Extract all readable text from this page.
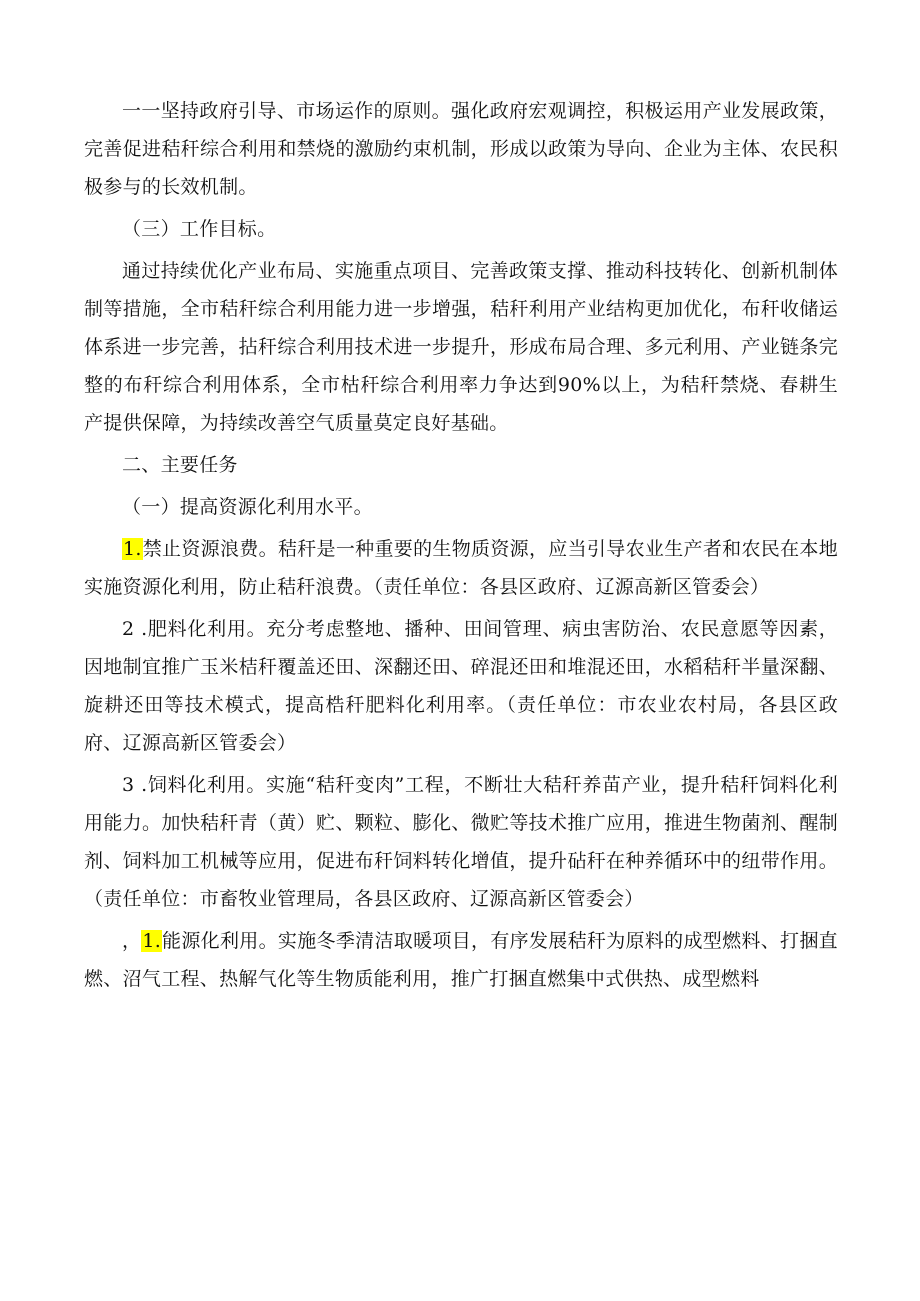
一一坚持政府引导、市场运作的原则。强化政府宏观调控，积极运用产业发展政策，完善促进秸秆综合利用和禁烧的激励约束机制，形成以政策为导向、企业为主体、农民积极参与的长效机制。

（三）工作目标。

通过持续优化产业布局、实施重点项目、完善政策支撑、推动科技转化、创新机制体制等措施，全市秸秆综合利用能力进一步增强，秸秆利用产业结构更加优化，布秆收储运体系进一步完善，拈秆综合利用技术进一步提升，形成布局合理、多元利用、产业链条完整的布秆综合利用体系，全市枯秆综合利用率力争达到90%以上，为秸秆禁烧、春耕生产提供保障，为持续改善空气质量莫定良好基础。

二、主要任务

（一）提高资源化利用水平。

1.禁止资源浪费。秸秆是一种重要的生物质资源，应当引导农业生产者和农民在本地实施资源化利用，防止秸秆浪费。（责任单位：各县区政府、辽源高新区管委会）

2 .肥料化利用。充分考虑整地、播种、田间管理、病虫害防治、农民意愿等因素，因地制宜推广玉米桔秆覆盖还田、深翻还田、碎混还田和堆混还田，水稻秸秆半量深翻、旋耕还田等技术模式，提高梏秆肥料化利用率。（责任单位：市农业农村局，各县区政府、辽源高新区管委会）

3 .饲料化利用。实施“秸秆变肉”工程，不断壮大秸秆养苗产业，提升秸秆饲料化利用能力。加快秸秆青（黄）贮、颗粒、膨化、微贮等技术推广应用，推进生物菌剂、醒制剂、饲料加工机械等应用，促进布秆饲料转化增值，提升砧秆在种养循环中的纽带作用。（责任单位：市畜牧业管理局，各县区政府、辽源高新区管委会）

，1.能源化利用。实施冬季清洁取暖项目，有序发展秸秆为原料的成型燃料、打捆直燃、沼气工程、热解气化等生物质能利用，推广打捆直燃集中式供热、成型燃料
